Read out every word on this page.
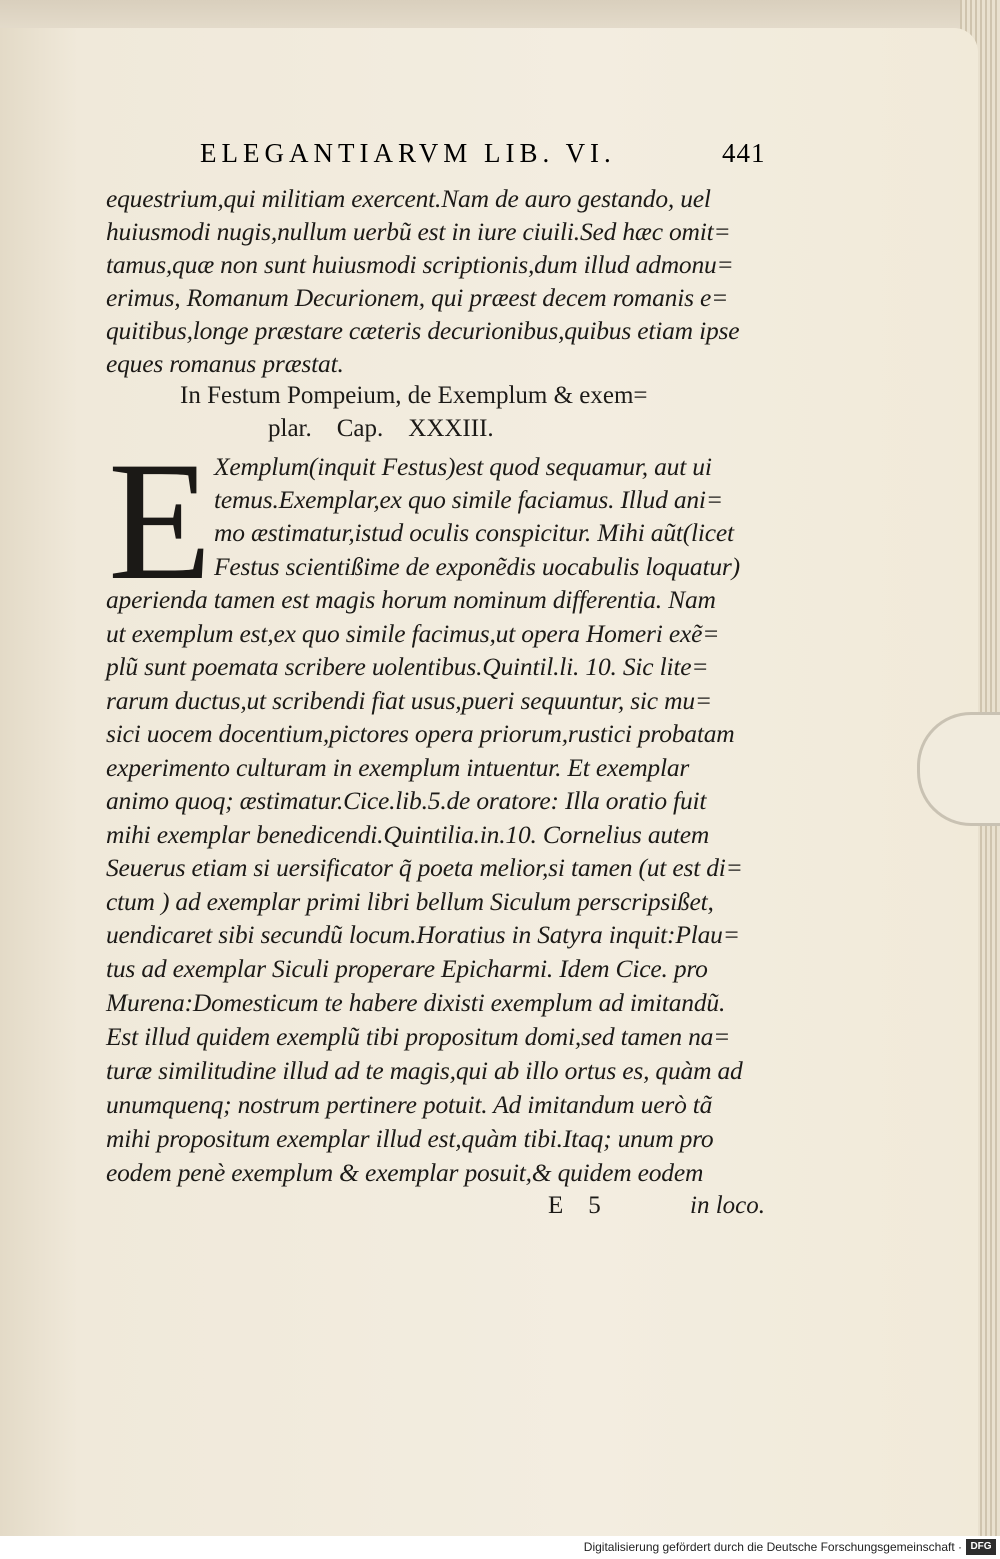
ELEGANTIARVM LIB. VI.	441
equestrium,qui militiam exercent.Nam de auro gestando, uel
huiusmodi nugis,nullum uerbũ est in iure ciuili.Sed hæc omit=
tamus,quæ non sunt huiusmodi scriptionis,dum illud admonu=
erimus, Romanum Decurionem, qui præest decem romanis e=
quitibus,longe præstare cæteris decurionibus,quibus etiam ipse
eques romanus præstat.
In Festum Pompeium, de Exemplum & exem=
plar.    Cap.    XXXIII.
E Xemplum(inquit Festus)est quod sequamur, aut ui
temus.Exemplar,ex quo simile faciamus. Illud ani=
mo æstimatur,istud oculis conspicitur. Mihi aũt(licet
Festus scientißime de exponẽdis uocabulis loquatur)
aperienda tamen est magis horum nominum differentia. Nam
ut exemplum est,ex quo simile facimus,ut opera Homeri exẽ=
plũ sunt poemata scribere uolentibus.Quintil.li. 10. Sic lite=
rarum ductus,ut scribendi fiat usus,pueri sequuntur, sic mu=
sici uocem docentium,pictores opera priorum,rustici probatam
experimento culturam in exemplum intuentur. Et exemplar
animo quoq; æstimatur.Cice.lib.5.de oratore: Illa oratio fuit
mihi exemplar benedicendi.Quintilia.in.10. Cornelius autem
Seuerus etiam si uersificator q̃ poeta melior,si tamen (ut est di=
ctum ) ad exemplar primi libri bellum Siculum perscripsißet,
uendicaret sibi secundũ locum.Horatius in Satyra inquit:Plau=
tus ad exemplar Siculi properare Epicharmi. Idem Cice. pro
Murena:Domesticum te habere dixisti exemplum ad imitandũ.
Est illud quidem exemplũ tibi propositum domi,sed tamen na=
turæ similitudine illud ad te magis,qui ab illo ortus es, quàm ad
unumquenq; nostrum pertinere potuit. Ad imitandum uerò tã
mihi propositum exemplar illud est,quàm tibi.Itaq; unum pro
eodem penè exemplum & exemplar posuit,& quidem eodem
E    5	in loco.
Digitalisierung gefördert durch die Deutsche Forschungsgemeinschaft · DFG
